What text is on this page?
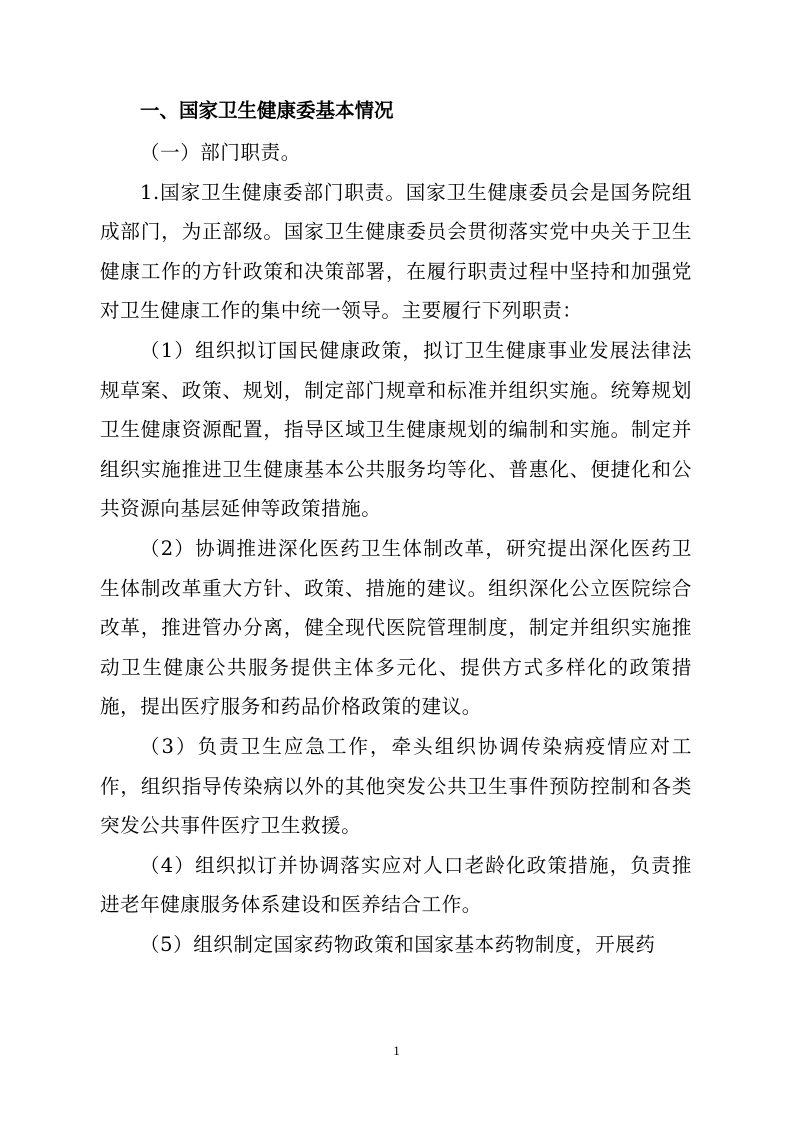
一、国家卫生健康委基本情况

（一）部门职责。

1.国家卫生健康委部门职责。国家卫生健康委员会是国务院组成部门，为正部级。国家卫生健康委员会贯彻落实党中央关于卫生健康工作的方针政策和决策部署，在履行职责过程中坚持和加强党对卫生健康工作的集中统一领导。主要履行下列职责：

（1）组织拟订国民健康政策，拟订卫生健康事业发展法律法规草案、政策、规划，制定部门规章和标准并组织实施。统筹规划卫生健康资源配置，指导区域卫生健康规划的编制和实施。制定并组织实施推进卫生健康基本公共服务均等化、普惠化、便捷化和公共资源向基层延伸等政策措施。

（2）协调推进深化医药卫生体制改革，研究提出深化医药卫生体制改革重大方针、政策、措施的建议。组织深化公立医院综合改革，推进管办分离，健全现代医院管理制度，制定并组织实施推动卫生健康公共服务提供主体多元化、提供方式多样化的政策措施，提出医疗服务和药品价格政策的建议。

（3）负责卫生应急工作，牵头组织协调传染病疫情应对工作，组织指导传染病以外的其他突发公共卫生事件预防控制和各类突发公共事件医疗卫生救援。

（4）组织拟订并协调落实应对人口老龄化政策措施，负责推进老年健康服务体系建设和医养结合工作。

（5）组织制定国家药物政策和国家基本药物制度，开展药

1
